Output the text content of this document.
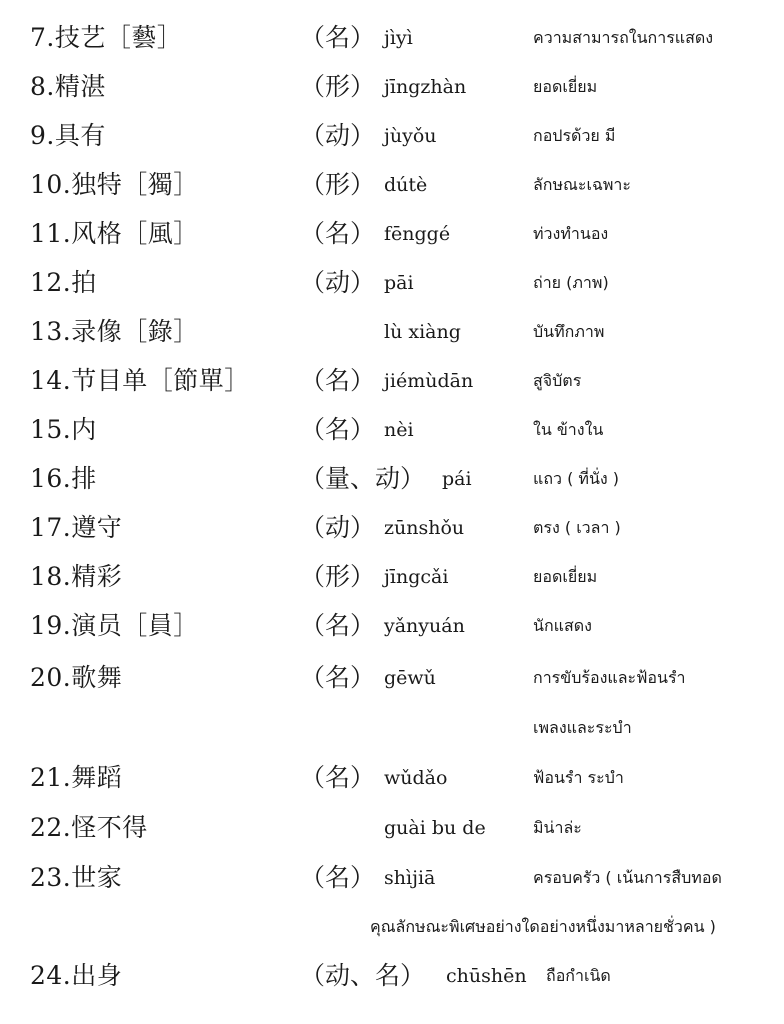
7.技艺［藝］	（名） jìyì	ความสามารถในการแสดง
8.精湛	（形） jīngzhàn	ยอดเยี่ยม
9.具有	（动） jùyǒu	กอปรด้วย มี
10.独特［獨］	（形） dútè	ลักษณะเฉพาะ
11.风格［風］	（名） fēnggé	ท่วงทำนอง
12.拍	（动） pāi	ถ่าย (ภาพ)
13.录像［錄］	lù xiàng	บันทึกภาพ
14.节目单［節單］ （名） jiémùdān	สูจิบัตร
15.内	（名） nèi	ใน ข้างใน
16.排	（量、动） pái	แถว ( ที่นั่ง )
17.遵守	（动） zūnshǒu	ตรง ( เวลา )
18.精彩	（形） jīngcǎi	ยอดเยี่ยม
19.演员［員］	（名） yǎnyuán	นักแสดง
20.歌舞	（名） gēwǔ	การขับร้องและฟ้อนรำ
เพลงและระบำ
21.舞蹈	（名） wǔdǎo	ฟ้อนรำ ระบำ
22.怪不得	guài bu de	มิน่าล่ะ
23.世家	（名） shìjiā	ครอบครัว ( เน้นการสืบทอด
คุณลักษณะพิเศษอย่างใดอย่างหนึ่งมาหลายชั่วคน )
24.出身	（动、名） chūshēn ถือกำเนิด
